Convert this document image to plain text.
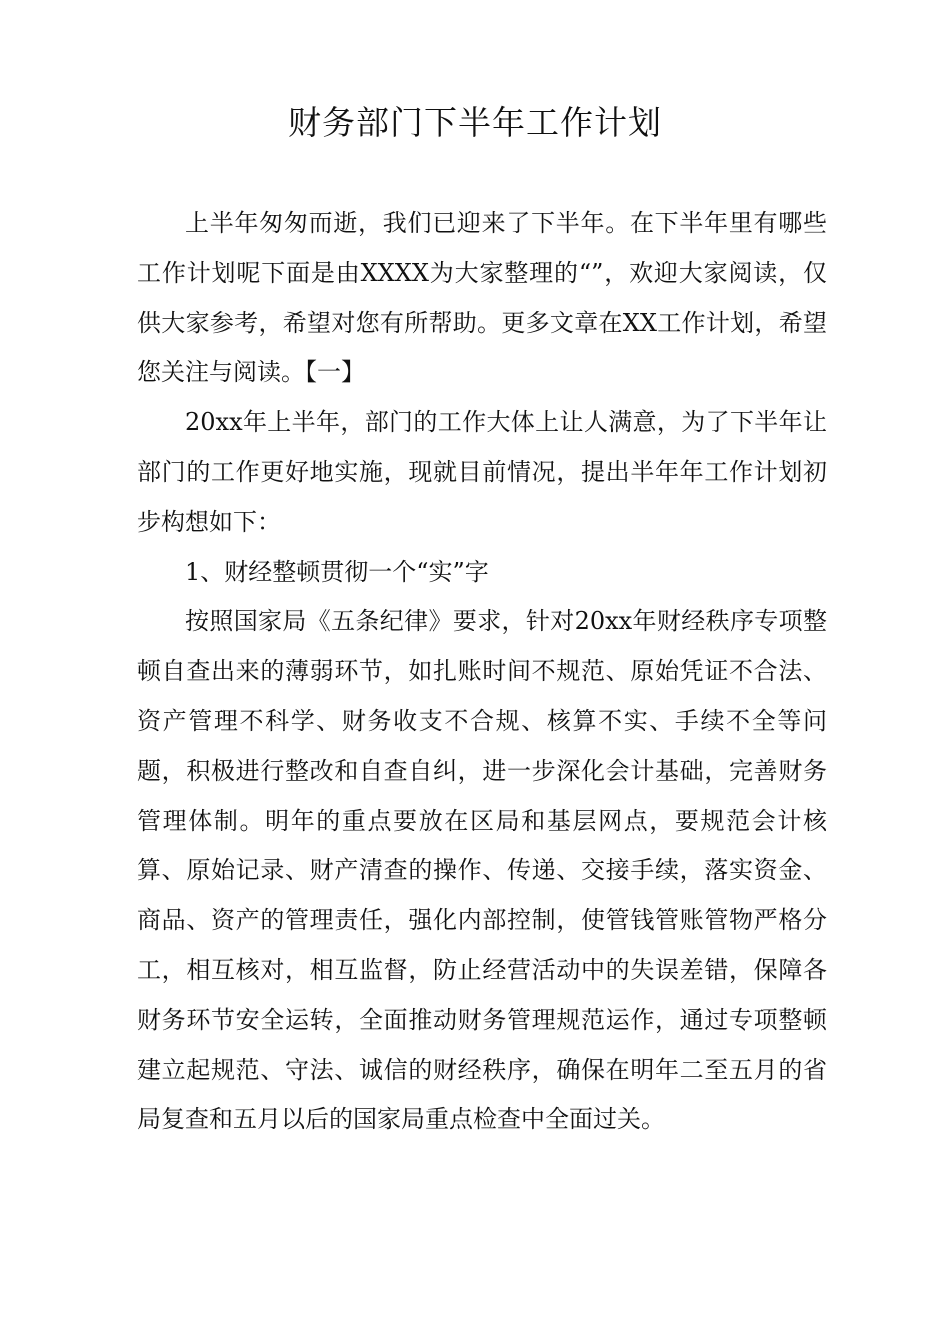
财务部门下半年工作计划

上半年匆匆而逝，我们已迎来了下半年。在下半年里有哪些工作计划呢下面是由XXXX为大家整理的“”，欢迎大家阅读，仅供大家参考，希望对您有所帮助。更多文章在XX工作计划，希望您关注与阅读。【一】

20xx年上半年，部门的工作大体上让人满意，为了下半年让部门的工作更好地实施，现就目前情况，提出半年年工作计划初步构想如下：

1、财经整顿贯彻一个“实”字

按照国家局《五条纪律》要求，针对20xx年财经秩序专项整顿自查出来的薄弱环节，如扎账时间不规范、原始凭证不合法、资产管理不科学、财务收支不合规、核算不实、手续不全等问题，积极进行整改和自查自纠，进一步深化会计基础，完善财务管理体制。明年的重点要放在区局和基层网点，要规范会计核算、原始记录、财产清查的操作、传递、交接手续，落实资金、商品、资产的管理责任，强化内部控制，使管钱管账管物严格分工，相互核对，相互监督，防止经营活动中的失误差错，保障各财务环节安全运转，全面推动财务管理规范运作，通过专项整顿建立起规范、守法、诚信的财经秩序，确保在明年二至五月的省局复查和五月以后的国家局重点检查中全面过关。
